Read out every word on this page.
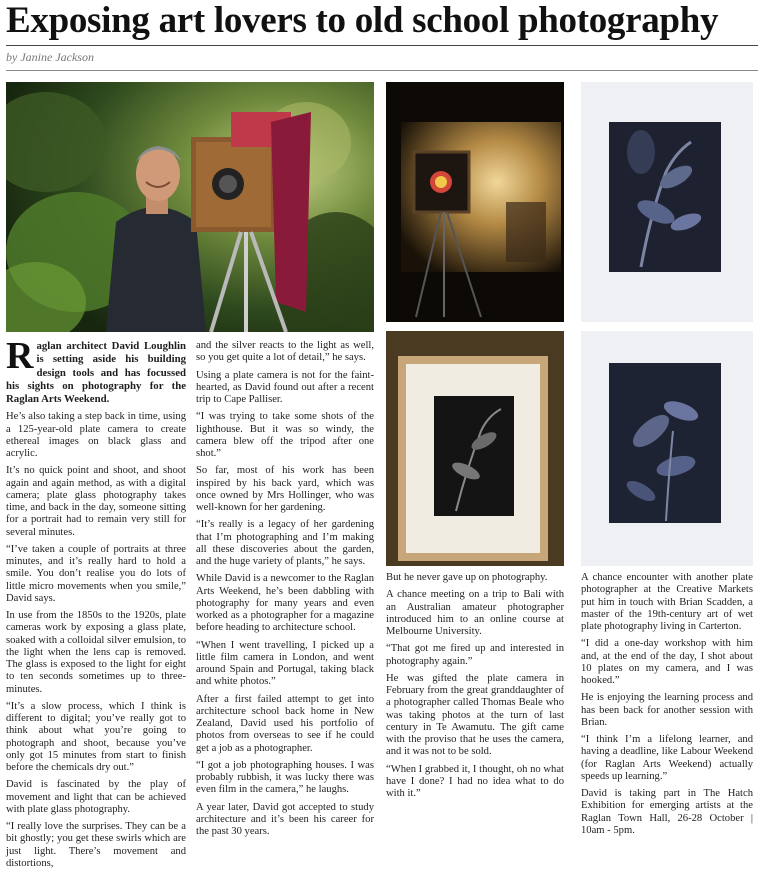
Exposing art lovers to old school photography
by Janine Jackson
Raglan architect David Loughlin is setting aside his building design tools and has focussed his sights on photography for the Raglan Arts Weekend.

He’s also taking a step back in time, using a 125-year-old plate camera to create ethereal images on black glass and acrylic.

It’s no quick point and shoot, and shoot again and again method, as with a digital camera; plate glass photography takes time, and back in the day, someone sitting for a portrait had to remain very still for several minutes.

“I’ve taken a couple of portraits at three minutes, and it’s really hard to hold a smile. You don’t realise you do lots of little micro movements when you smile,” David says.

In use from the 1850s to the 1920s, plate cameras work by exposing a glass plate, soaked with a colloidal silver emulsion, to the light when the lens cap is removed. The glass is exposed to the light for eight to ten seconds sometimes up to three-minutes.

“It’s a slow process, which I think is different to digital; you’ve really got to think about what you’re going to photograph and shoot, because you’ve only got 15 minutes from start to finish before the chemicals dry out.”

David is fascinated by the play of movement and light that can be achieved with plate glass photography.

“I really love the surprises. They can be a bit ghostly; you get these swirls which are just light. There’s movement and distortions,

and the silver reacts to the light as well, so you get quite a lot of detail,” he says.

Using a plate camera is not for the faint-hearted, as David found out after a recent trip to Cape Palliser.

“I was trying to take some shots of the lighthouse. But it was so windy, the camera blew off the tripod after one shot.”

So far, most of his work has been inspired by his back yard, which was once owned by Mrs Hollinger, who was well-known for her gardening.

“It’s really is a legacy of her gardening that I’m photographing and I’m making all these discoveries about the garden, and the huge variety of plants,” he says.

While David is a newcomer to the Raglan Arts Weekend, he’s been dabbling with photography for many years and even worked as a photographer for a magazine before heading to architecture school.

“When I went travelling, I picked up a little film camera in London, and went around Spain and Portugal, taking black and white photos.”

After a first failed attempt to get into architecture school back home in New Zealand, David used his portfolio of photos from overseas to see if he could get a job as a photographer.

“I got a job photographing houses. I was probably rubbish, it was lucky there was even film in the camera,” he laughs.

A year later, David got accepted to study architecture and it’s been his career for the past 30 years.

But he never gave up on photography.

A chance meeting on a trip to Bali with an Australian amateur photographer introduced him to an online course at Melbourne University.

“That got me fired up and interested in photography again.”

He was gifted the plate camera in February from the great granddaughter of a photographer called Thomas Beale who was taking photos at the turn of last century in Te Awamutu. The gift came with the proviso that he uses the camera, and it was not to be sold.

“When I grabbed it, I thought, oh no what have I done? I had no idea what to do with it.”

A chance encounter with another plate photographer at the Creative Markets put him in touch with Brian Scadden, a master of the 19th-century art of wet plate photography living in Carterton.

“I did a one-day workshop with him and, at the end of the day, I shot about 10 plates on my camera, and I was hooked.”

He is enjoying the learning process and has been back for another session with Brian.

“I think I’m a lifelong learner, and having a deadline, like Labour Weekend (for Raglan Arts Weekend) actually speeds up learning.”

David is taking part in The Hatch Exhibition for emerging artists at the Raglan Town Hall, 26-28 October | 10am - 5pm.
